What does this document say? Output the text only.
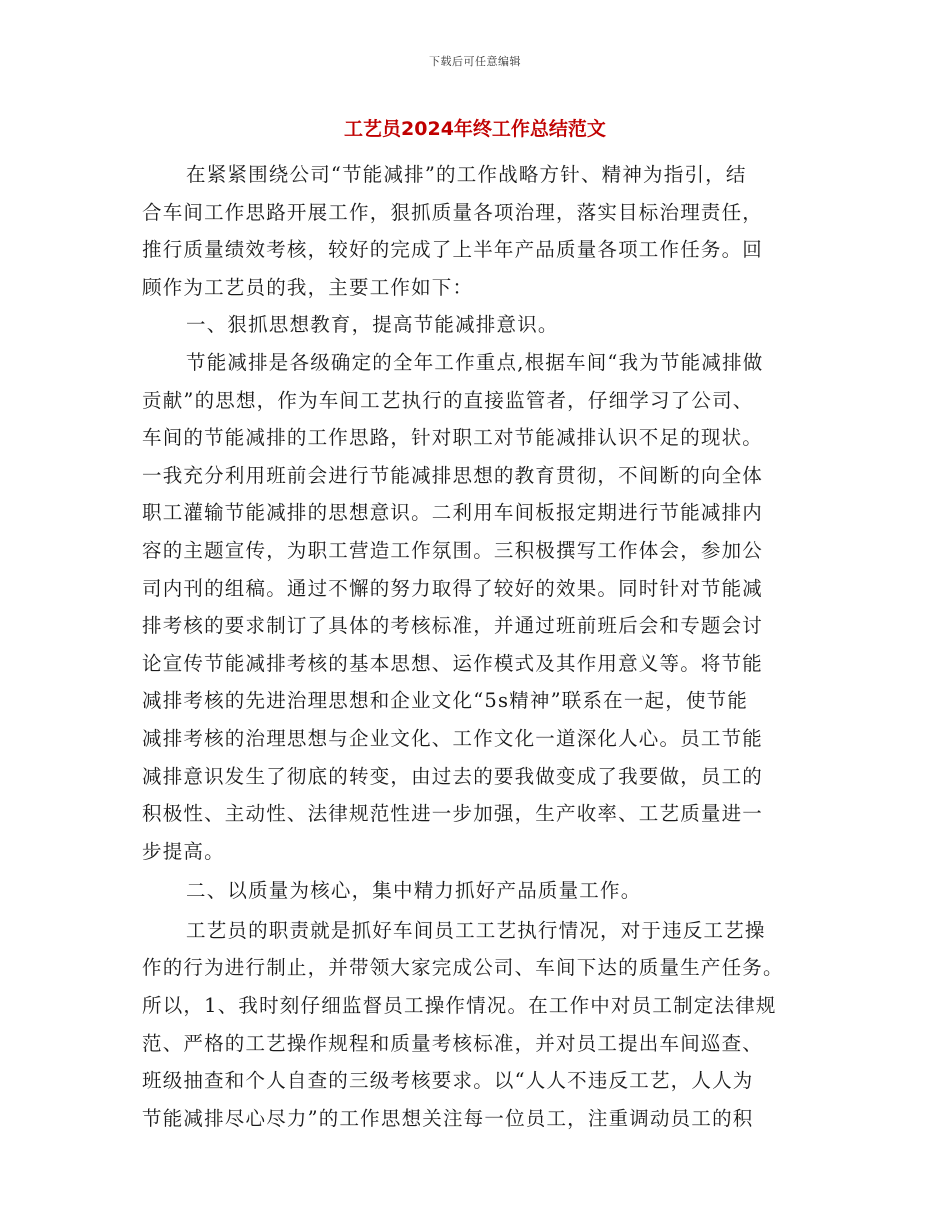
下载后可任意编辑
工艺员2024年终工作总结范文
在紧紧围绕公司“节能减排”的工作战略方针、精神为指引，结
合车间工作思路开展工作，狠抓质量各项治理，落实目标治理责任，
推行质量绩效考核，较好的完成了上半年产品质量各项工作任务。回
顾作为工艺员的我，主要工作如下：
一、狠抓思想教育，提高节能减排意识。
节能减排是各级确定的全年工作重点,根据车间“我为节能减排做
贡献”的思想，作为车间工艺执行的直接监管者，仔细学习了公司、
车间的节能减排的工作思路，针对职工对节能减排认识不足的现状。
一我充分利用班前会进行节能减排思想的教育贯彻，不间断的向全体
职工灌输节能减排的思想意识。二利用车间板报定期进行节能减排内
容的主题宣传，为职工营造工作氛围。三积极撰写工作体会，参加公
司内刊的组稿。通过不懈的努力取得了较好的效果。同时针对节能减
排考核的要求制订了具体的考核标准，并通过班前班后会和专题会讨
论宣传节能减排考核的基本思想、运作模式及其作用意义等。将节能
减排考核的先进治理思想和企业文化“5s精神”联系在一起，使节能
减排考核的治理思想与企业文化、工作文化一道深化人心。员工节能
减排意识发生了彻底的转变，由过去的要我做变成了我要做，员工的
积极性、主动性、法律规范性进一步加强，生产收率、工艺质量进一
步提高。
二、以质量为核心，集中精力抓好产品质量工作。
工艺员的职责就是抓好车间员工工艺执行情况，对于违反工艺操
作的行为进行制止，并带领大家完成公司、车间下达的质量生产任务。
所以，1、我时刻仔细监督员工操作情况。在工作中对员工制定法律规
范、严格的工艺操作规程和质量考核标准，并对员工提出车间巡查、
班级抽查和个人自查的三级考核要求。以“人人不违反工艺，人人为
节能减排尽心尽力”的工作思想关注每一位员工，注重调动员工的积
